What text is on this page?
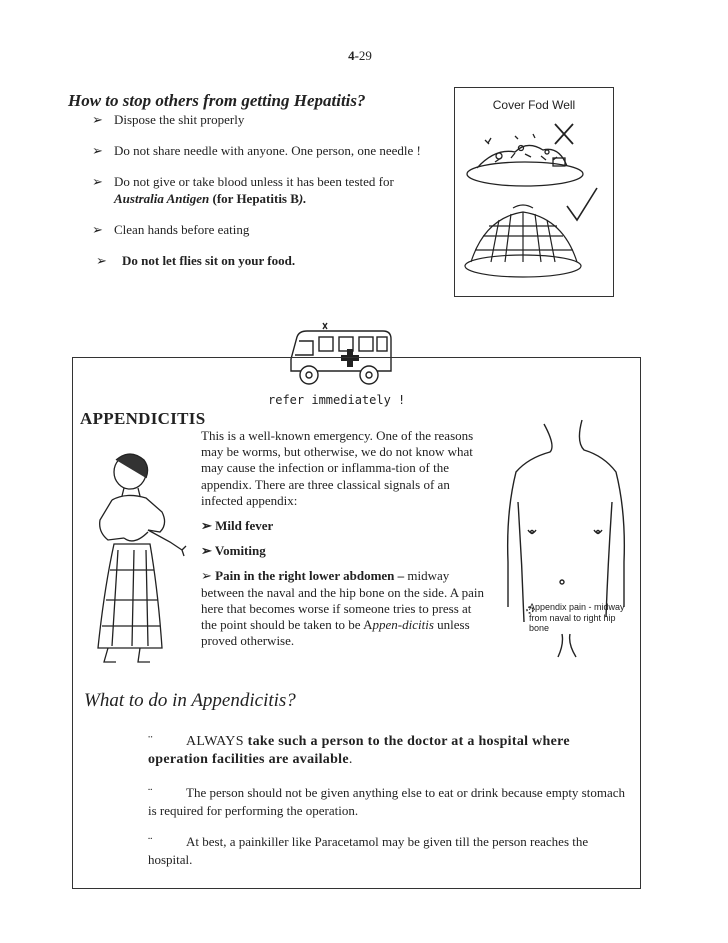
4-29
How to stop others from getting Hepatitis?
➢ Dispose the shit properly
➢ Do not share needle with anyone. One person, one needle !
➢ Do not give or take blood unless it has been tested for Australia Antigen (for Hepatitis B).
➢ Clean hands before eating
➢ Do not let flies sit on your food.
Cover Fod Well
refer immediately !
APPENDICITIS

This is a well-known emergency. One of the reasons may be worms, but otherwise, we do not know what may cause the infection or inflamma-tion of the appendix. There are three classical signals of an infected appendix:

➢ Mild fever

➢ Vomiting

➢ Pain in the right lower abdomen – midway between the naval and the hip bone on the side. A pain here that becomes worse if someone tries to press at the point should be taken to be Appen-dicitis unless proved otherwise.

Appendix pain - midway from naval to right hip bone
What to do in Appendicitis?
¨ ALWAYS take such a person to the doctor at a hospital where operation facilities are available.
¨	The person should not be given anything else to eat or drink because empty stomach is required for performing the operation.
¨	At best, a painkiller like Paracetamol may be given till the person reaches the hospital.
